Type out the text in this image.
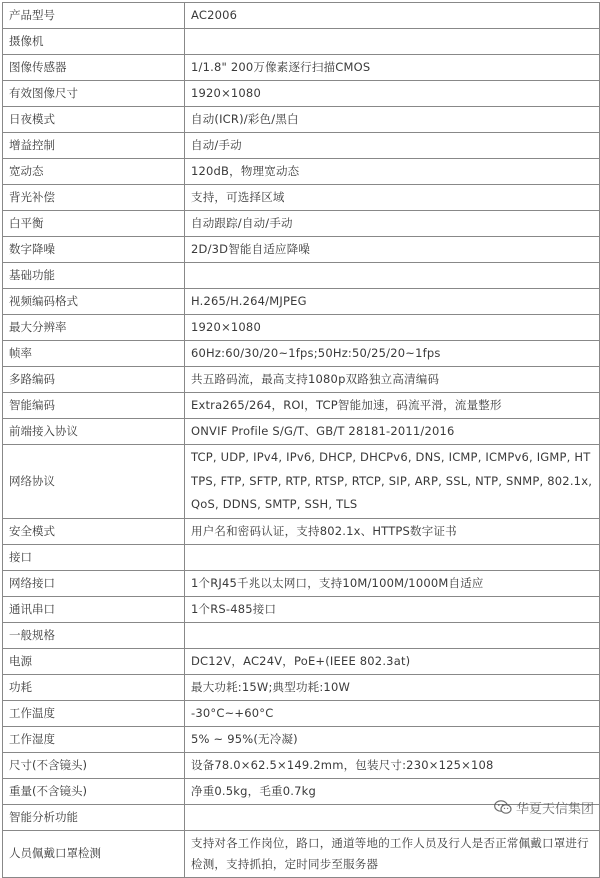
产品型号	AC2006
摄像机	
图像传感器	1/1.8" 200万像素逐行扫描CMOS
有效图像尺寸	1920×1080
日夜模式	自动(ICR)/彩色/黑白
增益控制	自动/手动
宽动态	120dB，物理宽动态
背光补偿	支持，可选择区域
白平衡	自动跟踪/自动/手动
数字降噪	2D/3D智能自适应降噪
基础功能	
视频编码格式	H.265/H.264/MJPEG
最大分辨率	1920×1080
帧率	60Hz:60/30/20~1fps;50Hz:50/25/20~1fps
多路编码	共五路码流，最高支持1080p双路独立高清编码
智能编码	Extra265/264，ROI，TCP智能加速，码流平滑，流量整形
前端接入协议	ONVIF Profile S/G/T、GB/T 28181-2011/2016
网络协议	TCP, UDP, IPv4, IPv6, DHCP, DHCPv6, DNS, ICMP, ICMPv6, IGMP, HTTPS, FTP, SFTP, RTP, RTSP, RTCP, SIP, ARP, SSL, NTP, SNMP, 802.1x, QoS, DDNS, SMTP, SSH, TLS
安全模式	用户名和密码认证，支持802.1x、HTTPS数字证书
接口	
网络接口	1个RJ45千兆以太网口，支持10M/100M/1000M自适应
通讯串口	1个RS-485接口
一般规格	
电源	DC12V，AC24V，PoE+(IEEE 802.3at)
功耗	最大功耗:15W;典型功耗:10W
工作温度	-30°C~+60°C
工作湿度	5% ~ 95%(无冷凝)
尺寸(不含镜头)	设备78.0×62.5×149.2mm，包装尺寸:230×125×108
重量(不含镜头)	净重0.5kg，毛重0.7kg
智能分析功能	
人员佩戴口罩检测	支持对各工作岗位，路口，通道等地的工作人员及行人是否正常佩戴口罩进行检测，支持抓拍，定时同步至服务器
华夏天信集团
